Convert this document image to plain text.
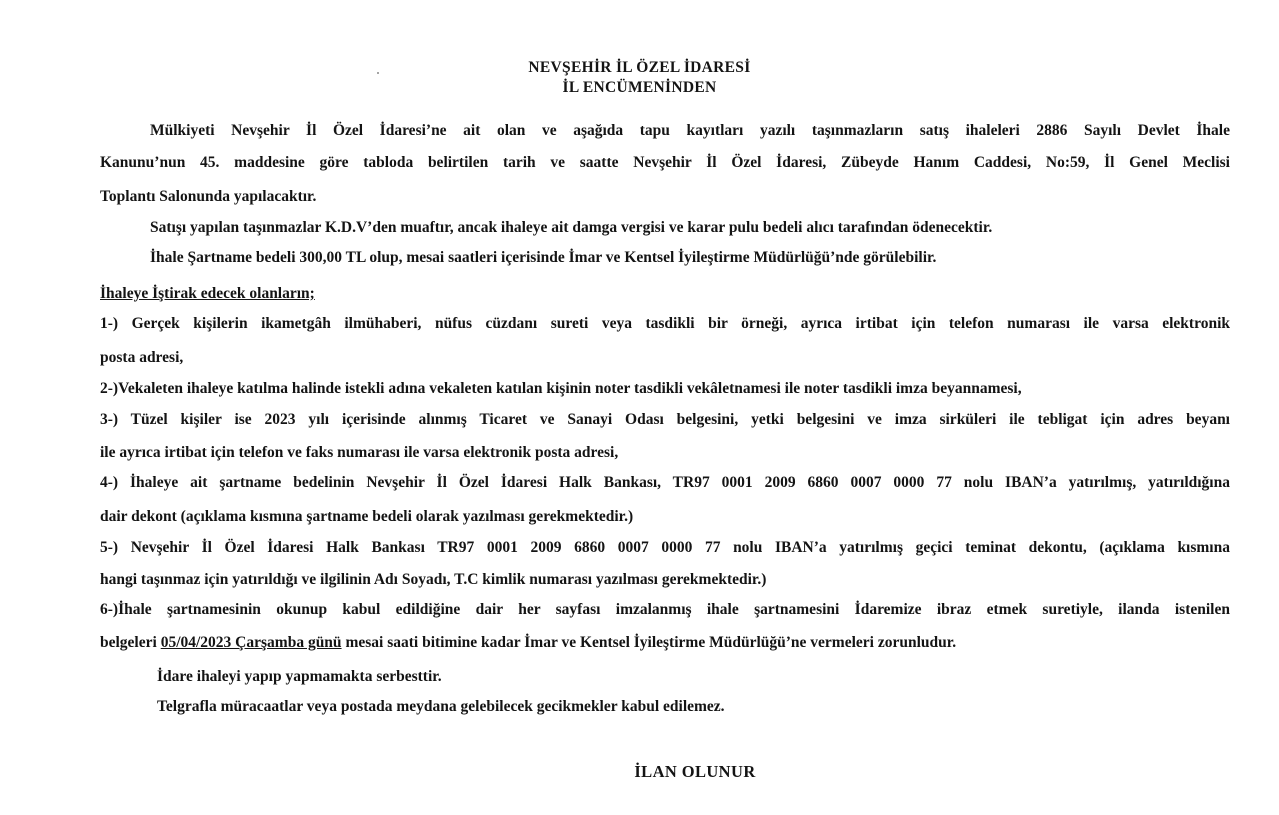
NEVŞEHİR İL ÖZEL İDARESİ
İL ENCÜMENİNDEN
Mülkiyeti Nevşehir İl Özel İdaresi’ne ait olan ve aşağıda tapu kayıtları yazılı taşınmazların satış ihaleleri 2886 Sayılı Devlet İhale
Kanunu’nun 45. maddesine göre tabloda belirtilen tarih ve saatte Nevşehir İl Özel İdaresi, Zübeyde Hanım Caddesi, No:59, İl Genel Meclisi
Toplantı Salonunda yapılacaktır.
Satışı yapılan taşınmazlar K.D.V’den muaftır, ancak ihaleye ait damga vergisi ve karar pulu bedeli alıcı tarafından ödenecektir.
İhale Şartname bedeli 300,00 TL olup, mesai saatleri içerisinde İmar ve Kentsel İyileştirme Müdürlüğü’nde görülebilir.
İhaleye İştirak edecek olanların;
1-) Gerçek kişilerin ikametgâh ilmühaberi, nüfus cüzdanı sureti veya tasdikli bir örneği, ayrıca irtibat için telefon numarası ile varsa elektronik
posta adresi,
2-)Vekaleten ihaleye katılma halinde istekli adına vekaleten katılan kişinin noter tasdikli vekâletnamesi ile noter tasdikli imza beyannamesi,
3-) Tüzel kişiler ise 2023 yılı içerisinde alınmış Ticaret ve Sanayi Odası belgesini, yetki belgesini ve imza sirküleri ile tebligat için adres beyanı
ile ayrıca irtibat için telefon ve faks numarası ile varsa elektronik posta adresi,
4-) İhaleye ait şartname bedelinin Nevşehir İl Özel İdaresi Halk Bankası, TR97 0001 2009 6860 0007 0000 77 nolu IBAN’a yatırılmış, yatırıldığına
dair dekont (açıklama kısmına şartname bedeli olarak yazılması gerekmektedir.)
5-) Nevşehir İl Özel İdaresi Halk Bankası TR97 0001 2009 6860 0007 0000 77 nolu IBAN’a yatırılmış geçici teminat dekontu, (açıklama kısmına
hangi taşınmaz için yatırıldığı ve ilgilinin Adı Soyadı, T.C kimlik numarası yazılması gerekmektedir.)
6-)İhale şartnamesinin okunup kabul edildiğine dair her sayfası imzalanmış ihale şartnamesini İdaremize ibraz etmek suretiyle, ilanda istenilen
belgeleri 05/04/2023 Çarşamba günü mesai saati bitimine kadar İmar ve Kentsel İyileştirme Müdürlüğü’ne vermeleri zorunludur.
İdare ihaleyi yapıp yapmamakta serbesttir.
Telgrafla müracaatlar veya postada meydana gelebilecek gecikmekler kabul edilemez.
İLAN OLUNUR
